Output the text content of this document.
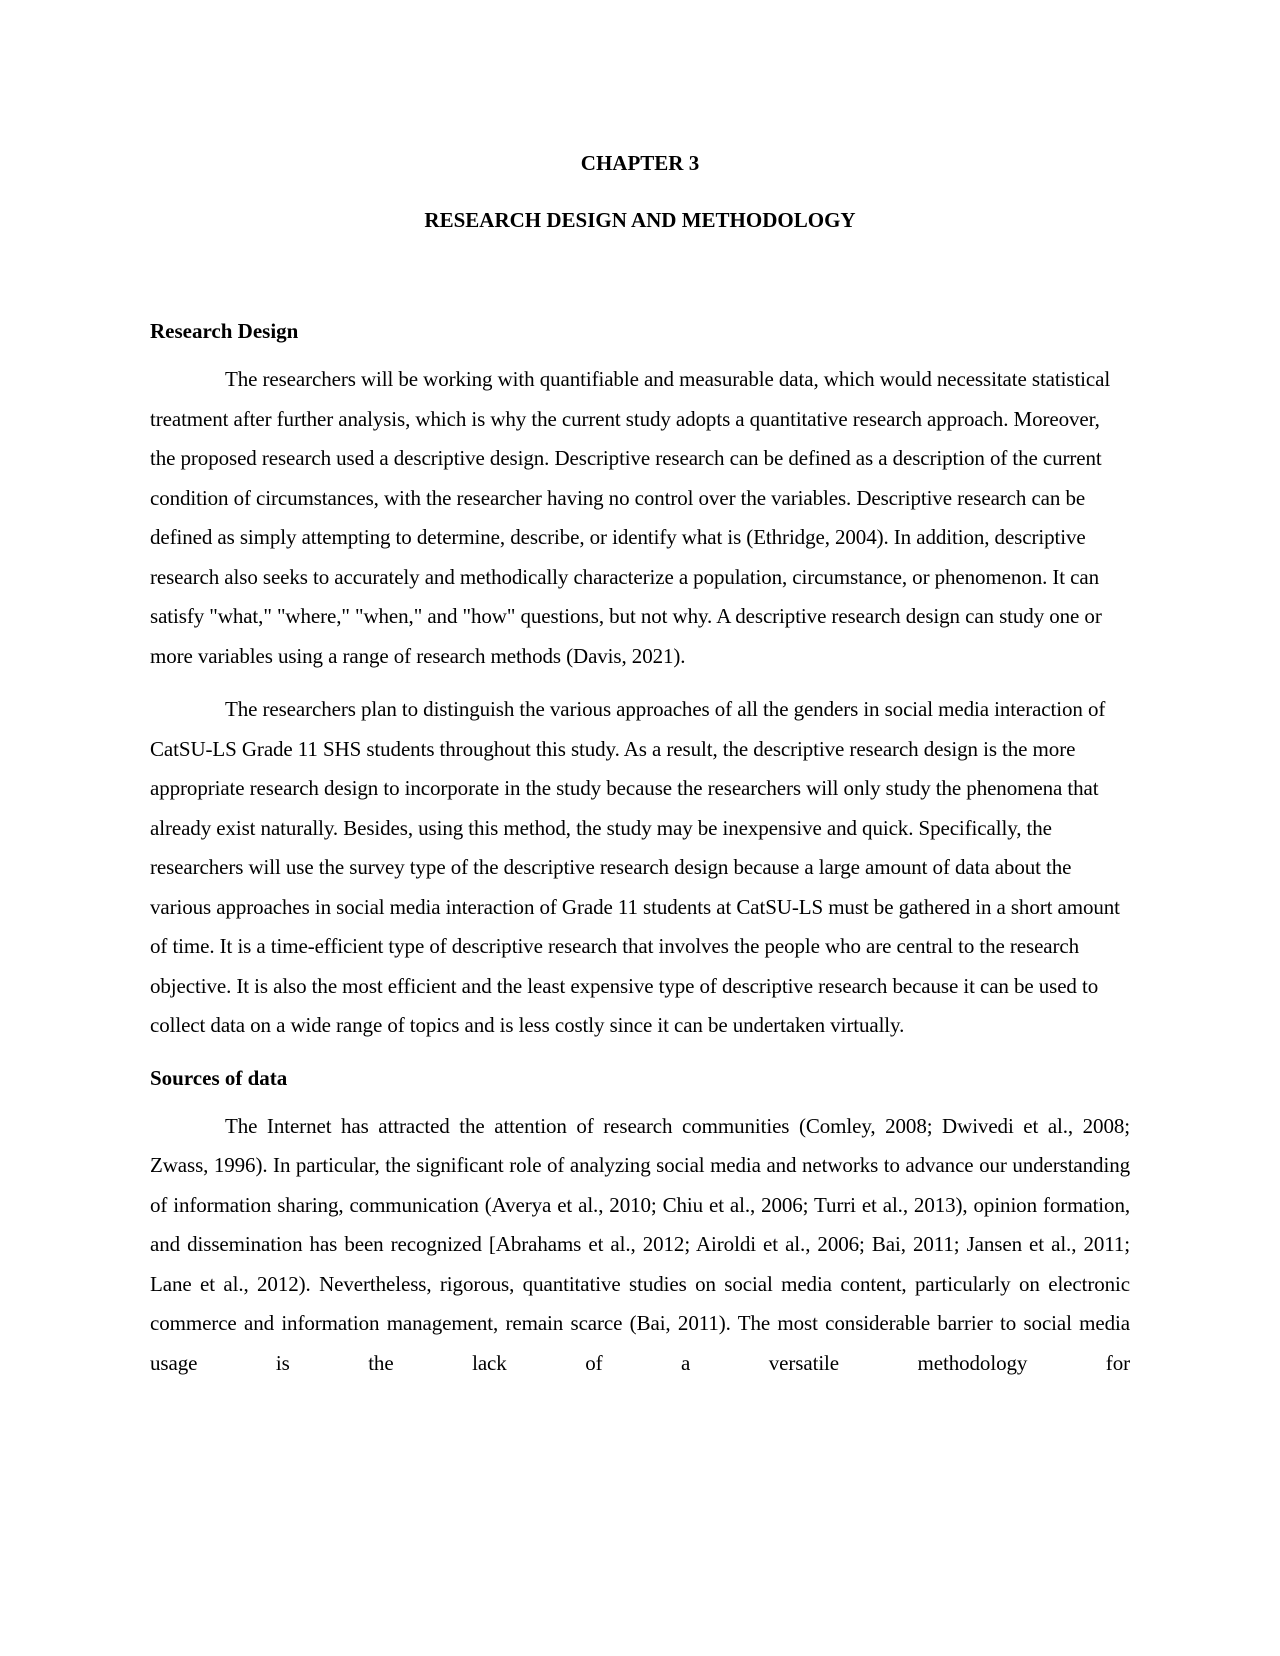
CHAPTER 3
RESEARCH DESIGN AND METHODOLOGY
Research Design

The researchers will be working with quantifiable and measurable data, which would necessitate statistical treatment after further analysis, which is why the current study adopts a quantitative research approach. Moreover, the proposed research used a descriptive design. Descriptive research can be defined as a description of the current condition of circumstances, with the researcher having no control over the variables. Descriptive research can be defined as simply attempting to determine, describe, or identify what is (Ethridge, 2004). In addition, descriptive research also seeks to accurately and methodically characterize a population, circumstance, or phenomenon. It can satisfy "what," "where," "when," and "how" questions, but not why. A descriptive research design can study one or more variables using a range of research methods (Davis, 2021).

The researchers plan to distinguish the various approaches of all the genders in social media interaction of CatSU-LS Grade 11 SHS students throughout this study. As a result, the descriptive research design is the more appropriate research design to incorporate in the study because the researchers will only study the phenomena that already exist naturally. Besides, using this method, the study may be inexpensive and quick. Specifically, the researchers will use the survey type of the descriptive research design because a large amount of data about the various approaches in social media interaction of Grade 11 students at CatSU-LS must be gathered in a short amount of time. It is a time-efficient type of descriptive research that involves the people who are central to the research objective. It is also the most efficient and the least expensive type of descriptive research because it can be used to collect data on a wide range of topics and is less costly since it can be undertaken virtually.

Sources of data

The Internet has attracted the attention of research communities (Comley, 2008; Dwivedi et al., 2008; Zwass, 1996). In particular, the significant role of analyzing social media and networks to advance our understanding of information sharing, communication (Averya et al., 2010; Chiu et al., 2006; Turri et al., 2013), opinion formation, and dissemination has been recognized [Abrahams et al., 2012; Airoldi et al., 2006; Bai, 2011; Jansen et al., 2011; Lane et al., 2012). Nevertheless, rigorous, quantitative studies on social media content, particularly on electronic commerce and information management, remain scarce (Bai, 2011). The most considerable barrier to social media usage is the lack of a versatile methodology for
